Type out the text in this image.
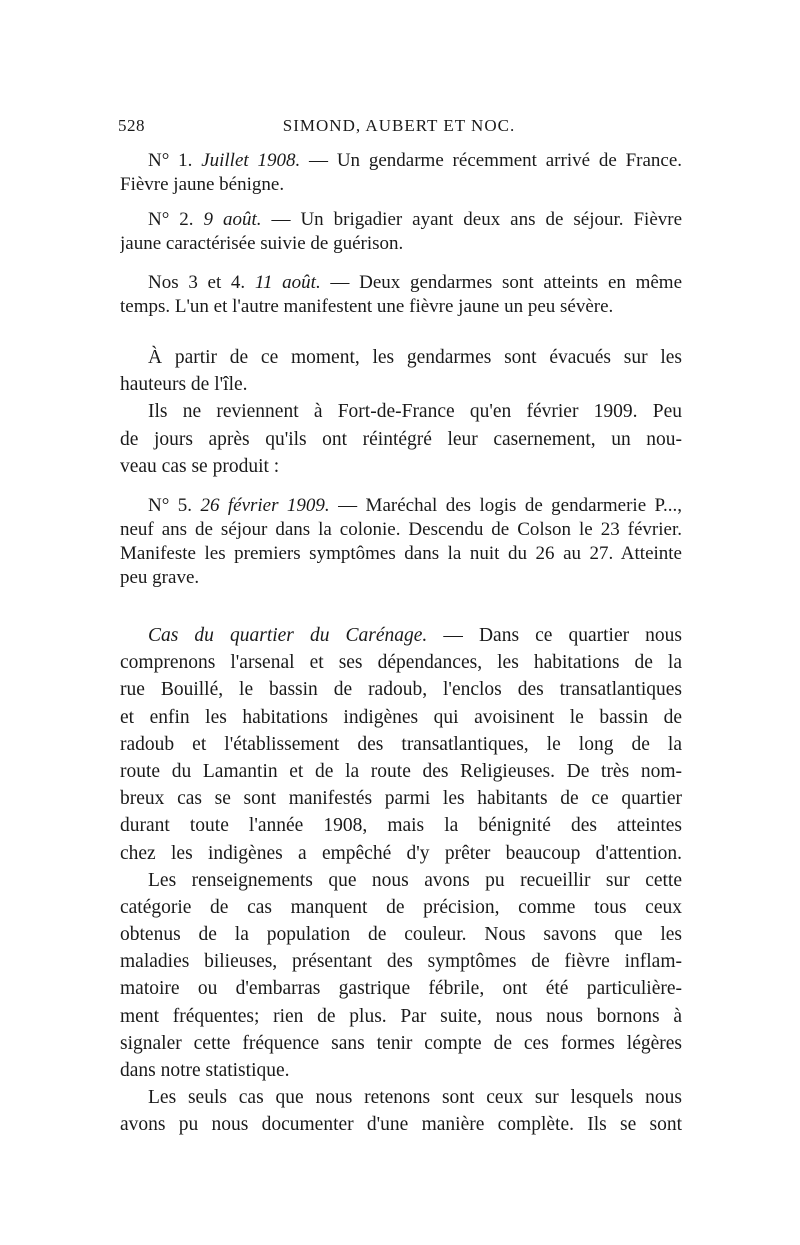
528	SIMOND, AUBERT ET NOC.
N° 1. Juillet 1908. — Un gendarme récemment arrivé de France.
Fièvre jaune bénigne.
N° 2. 9 août. — Un brigadier ayant deux ans de séjour. Fièvre
jaune caractérisée suivie de guérison.
Nos 3 et 4. 11 août. — Deux gendarmes sont atteints en même
temps. L'un et l'autre manifestent une fièvre jaune un peu sévère.
À partir de ce moment, les gendarmes sont évacués sur les
hauteurs de l'île.
Ils ne reviennent à Fort-de-France qu'en février 1909. Peu
de jours après qu'ils ont réintégré leur casernement, un nou-
veau cas se produit :
N° 5. 26 février 1909. — Maréchal des logis de gendarmerie P...,
neuf ans de séjour dans la colonie. Descendu de Colson le 23 février.
Manifeste les premiers symptômes dans la nuit du 26 au 27. Atteinte
peu grave.
Cas du quartier du Carénage. — Dans ce quartier nous
comprenons l'arsenal et ses dépendances, les habitations de la
rue Bouillé, le bassin de radoub, l'enclos des transatlantiques
et enfin les habitations indigènes qui avoisinent le bassin de
radoub et l'établissement des transatlantiques, le long de la
route du Lamantin et de la route des Religieuses. De très nom-
breux cas se sont manifestés parmi les habitants de ce quartier
durant toute l'année 1908, mais la bénignité des atteintes
chez les indigènes a empêché d'y prêter beaucoup d'attention.
Les renseignements que nous avons pu recueillir sur cette
catégorie de cas manquent de précision, comme tous ceux
obtenus de la population de couleur. Nous savons que les
maladies bilieuses, présentant des symptômes de fièvre inflam-
matoire ou d'embarras gastrique fébrile, ont été particulière-
ment fréquentes; rien de plus. Par suite, nous nous bornons à
signaler cette fréquence sans tenir compte de ces formes légères
dans notre statistique.
Les seuls cas que nous retenons sont ceux sur lesquels nous
avons pu nous documenter d'une manière complète. Ils se sont
